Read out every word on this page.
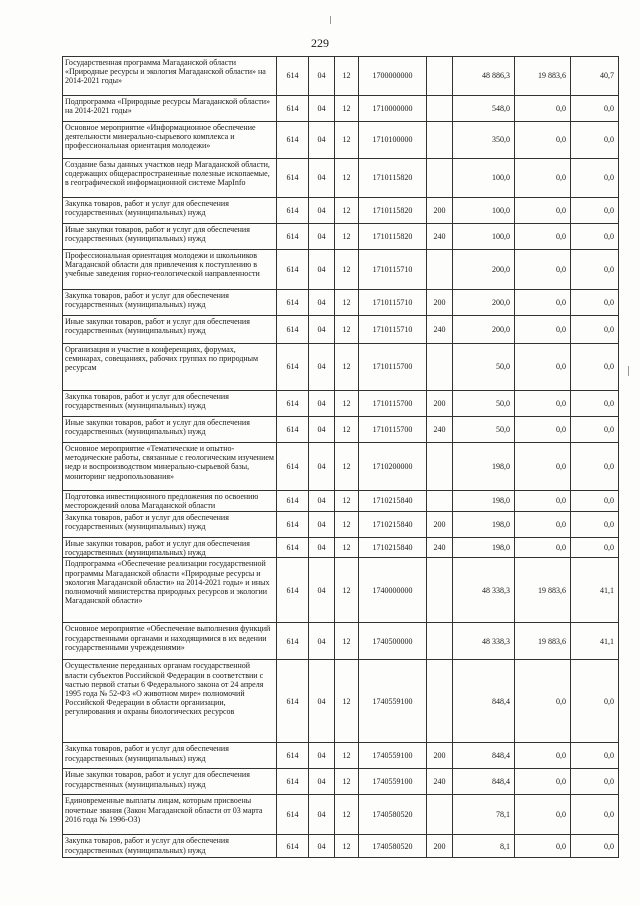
229
Государственная программа Магаданской области «Природные ресурсы и экология Магаданской области» на 2014-2021 годы»	614	04	12	1700000000		48 886,3	19 883,6	40,7
Подпрограмма «Природные ресурсы Магаданской области» на 2014-2021 годы»	614	04	12	1710000000		548,0	0,0	0,0
Основное мероприятие «Информационное обеспечение деятельности минерально-сырьевого комплекса и профессиональная ориентация молодежи»	614	04	12	1710100000		350,0	0,0	0,0
Создание базы данных участков недр Магаданской области, содержащих общераспространенные полезные ископаемые, в географической информационной системе MapInfo	614	04	12	1710115820		100,0	0,0	0,0
Закупка товаров, работ и услуг для обеспечения государственных (муниципальных) нужд	614	04	12	1710115820	200	100,0	0,0	0,0
Иные закупки товаров, работ и услуг для обеспечения государственных (муниципальных) нужд	614	04	12	1710115820	240	100,0	0,0	0,0
Профессиональная ориентация молодежи и школьников Магаданской области для привлечения к поступлению в учебные заведения горно-геологической направленности	614	04	12	1710115710		200,0	0,0	0,0
Закупка товаров, работ и услуг для обеспечения государственных (муниципальных) нужд	614	04	12	1710115710	200	200,0	0,0	0,0
Иные закупки товаров, работ и услуг для обеспечения государственных (муниципальных) нужд	614	04	12	1710115710	240	200,0	0,0	0,0
Организация и участие в конференциях, форумах, семинарах, совещаниях, рабочих группах по природным ресурсам	614	04	12	1710115700		50,0	0,0	0,0
Закупка товаров, работ и услуг для обеспечения государственных (муниципальных) нужд	614	04	12	1710115700	200	50,0	0,0	0,0
Иные закупки товаров, работ и услуг для обеспечения государственных (муниципальных) нужд	614	04	12	1710115700	240	50,0	0,0	0,0
Основное мероприятие «Тематические и опытно-методические работы, связанные с геологическим изучением недр и воспроизводством минерально-сырьевой базы, мониторинг недропользования»	614	04	12	1710200000		198,0	0,0	0,0
Подготовка инвестиционного предложения по освоению месторождений олова Магаданской области	614	04	12	1710215840		198,0	0,0	0,0
Закупка товаров, работ и услуг для обеспечения государственных (муниципальных) нужд	614	04	12	1710215840	200	198,0	0,0	0,0
Иные закупки товаров, работ и услуг для обеспечения государственных (муниципальных) нужд	614	04	12	1710215840	240	198,0	0,0	0,0
Подпрограмма «Обеспечение реализации государственной программы Магаданской области «Природные ресурсы и экология Магаданской области» на 2014-2021 годы» и иных полномочий министерства природных ресурсов и экологии Магаданской области»	614	04	12	1740000000		48 338,3	19 883,6	41,1
Основное мероприятие «Обеспечение выполнения функций государственными органами и находящимися в их ведении государственными учреждениями»	614	04	12	1740500000		48 338,3	19 883,6	41,1
Осуществление переданных органам государственной власти субъектов Российской Федерации в соответствии с частью первой статьи 6 Федерального закона от 24 апреля 1995 года № 52-ФЗ «О животном мире» полномочий Российской Федерации в области организации, регулирования и охраны биологических ресурсов	614	04	12	1740559100		848,4	0,0	0,0
Закупка товаров, работ и услуг для обеспечения государственных (муниципальных) нужд	614	04	12	1740559100	200	848,4	0,0	0,0
Иные закупки товаров, работ и услуг для обеспечения государственных (муниципальных) нужд	614	04	12	1740559100	240	848,4	0,0	0,0
Единовременные выплаты лицам, которым присвоены почетные звания (Закон Магаданской области от 03 марта 2016 года № 1996-ОЗ)	614	04	12	1740580520		78,1	0,0	0,0
Закупка товаров, работ и услуг для обеспечения государственных (муниципальных) нужд	614	04	12	1740580520	200	8,1	0,0	0,0
